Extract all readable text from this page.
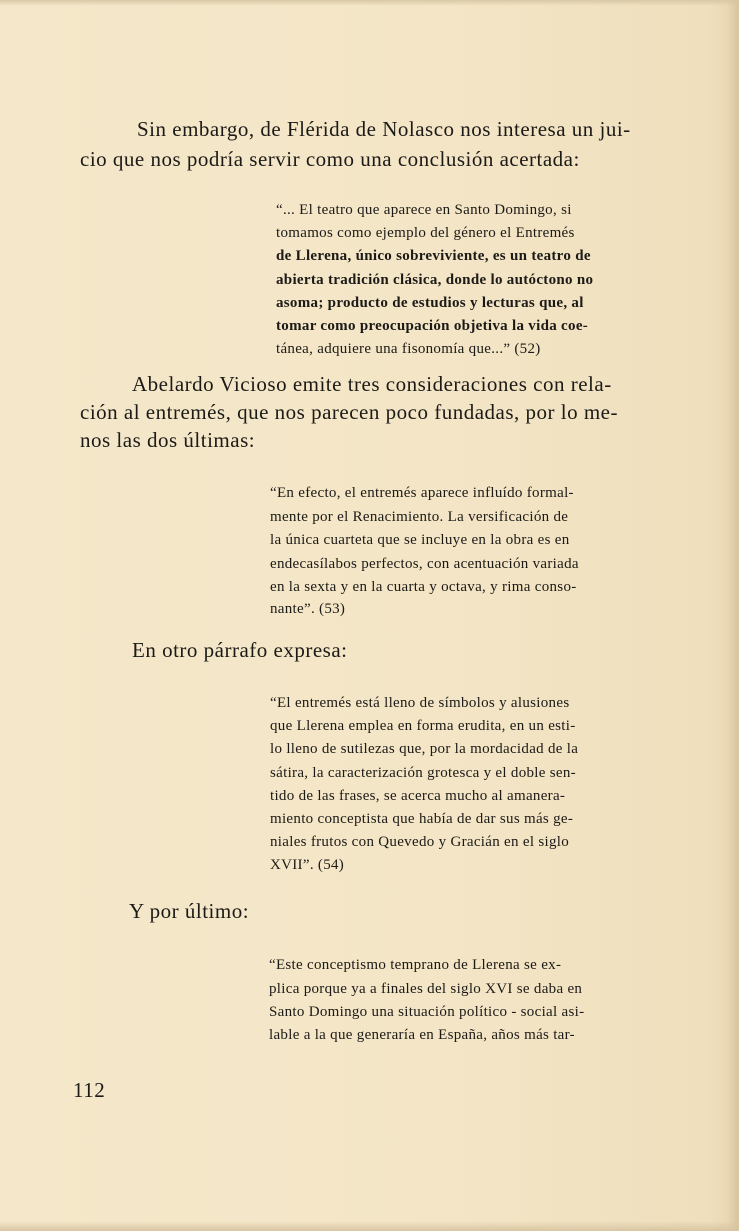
Sin embargo, de Flérida de Nolasco nos interesa un jui-

cio que nos podría servir como una conclusión acertada:

“... El teatro que aparece en Santo Domingo, si

tomamos como ejemplo del género el Entremés

de Llerena, único sobreviviente, es un teatro de

abierta tradición clásica, donde lo autóctono no

asoma; producto de estudios y lecturas que, al

tomar como preocupación objetiva la vida coe-

tánea, adquiere una fisonomía que...” (52)

Abelardo Vicioso emite tres consideraciones con rela-

ción al entremés, que nos parecen poco fundadas, por lo me-

nos las dos últimas:

“En efecto, el entremés aparece influído formal-

mente por el Renacimiento. La versificación de

la única cuarteta que se incluye en la obra es en

endecasílabos perfectos, con acentuación variada

en la sexta y en la cuarta y octava, y rima conso-

nante”. (53)

En otro párrafo expresa:

“El entremés está lleno de símbolos y alusiones

que Llerena emplea en forma erudita, en un esti-

lo lleno de sutilezas que, por la mordacidad de la

sátira, la caracterización grotesca y el doble sen-

tido de las frases, se acerca mucho al amanera-

miento conceptista que había de dar sus más ge-

niales frutos con Quevedo y Gracián en el siglo

XVII”. (54)

Y por último:

“Este conceptismo temprano de Llerena se ex-

plica porque ya a finales del siglo XVI se daba en

Santo Domingo una situación político - social asi-

lable a la que generaría en España, años más tar-

112
